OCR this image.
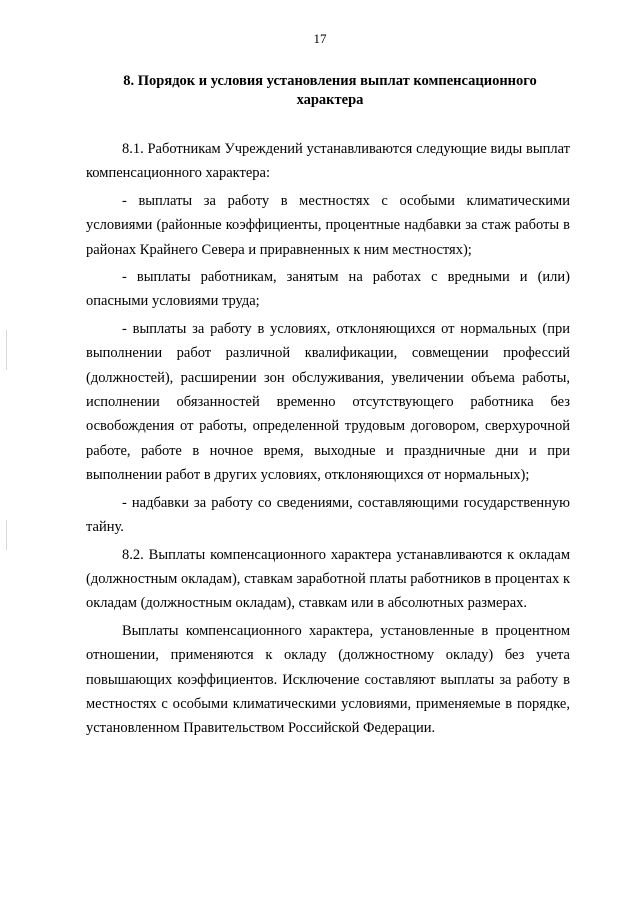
17
8. Порядок и условия установления выплат компенсационного
характера

8.1. Работникам Учреждений устанавливаются следующие виды выплат компенсационного характера:

- выплаты за работу в местностях с особыми климатическими условиями (районные коэффициенты, процентные надбавки за стаж работы в районах Крайнего Севера и приравненных к ним местностях);

- выплаты работникам, занятым на работах с вредными и (или) опасными условиями труда;

- выплаты за работу в условиях, отклоняющихся от нормальных (при выполнении работ различной квалификации, совмещении профессий (должностей), расширении зон обслуживания, увеличении объема работы, исполнении обязанностей временно отсутствующего работника без освобождения от работы, определенной трудовым договором, сверхурочной работе, работе в ночное время, выходные и праздничные дни и при выполнении работ в других условиях, отклоняющихся от нормальных);

- надбавки за работу со сведениями, составляющими государственную тайну.

8.2. Выплаты компенсационного характера устанавливаются к окладам (должностным окладам), ставкам заработной платы работников в процентах к окладам (должностным окладам), ставкам или в абсолютных размерах.

Выплаты компенсационного характера, установленные в процентном отношении, применяются к окладу (должностному окладу) без учета повышающих коэффициентов. Исключение составляют выплаты за работу в местностях с особыми климатическими условиями, применяемые в порядке, установленном Правительством Российской Федерации.
